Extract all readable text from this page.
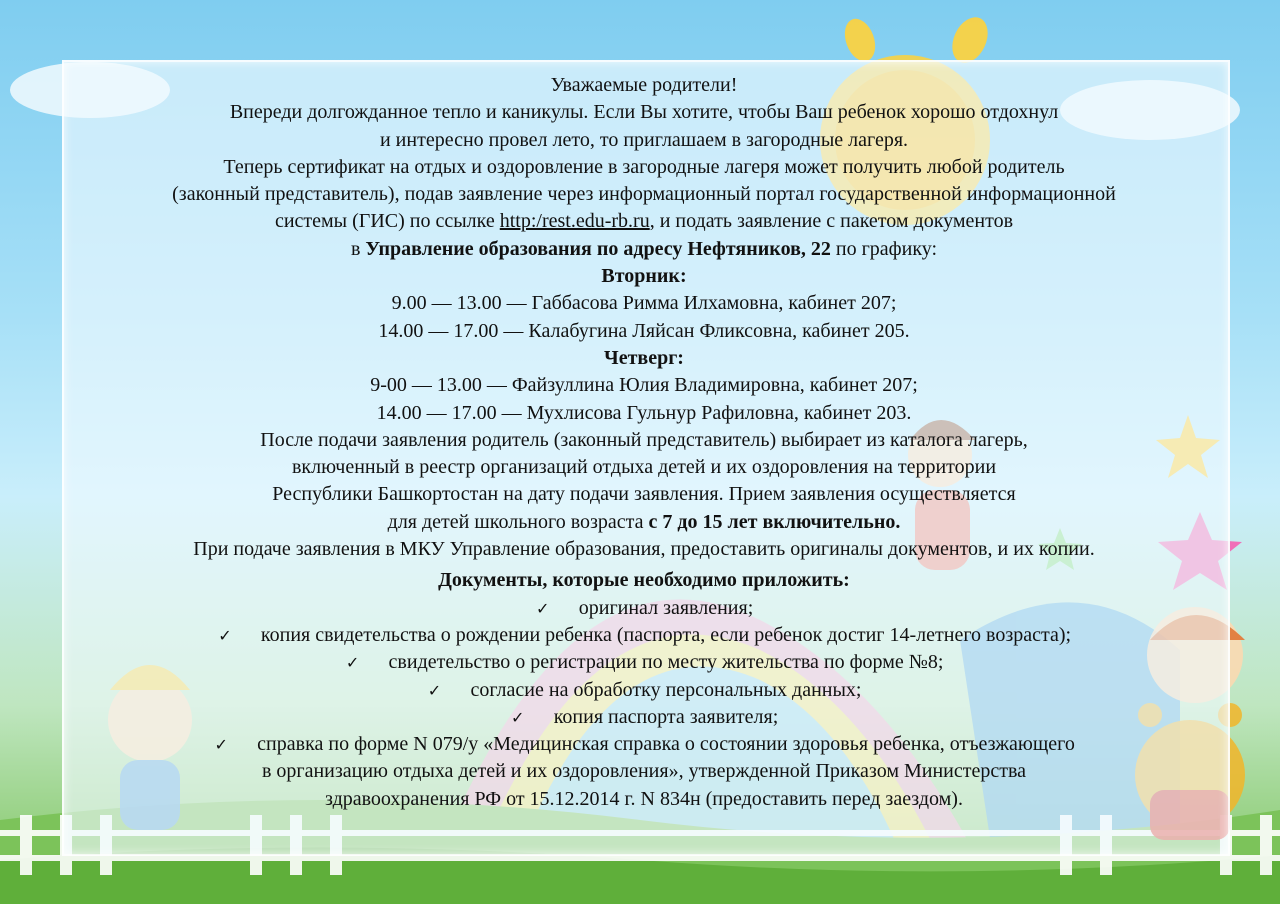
Уважаемые родители!

Впереди долгожданное тепло и каникулы. Если Вы хотите, чтобы Ваш ребенок хорошо отдохнул

и интересно провел лето, то приглашаем в загородные лагеря.

Теперь сертификат на отдых и оздоровление в загородные лагеря может получить любой родитель

(законный представитель), подав заявление через информационный портал государственной информационной

системы (ГИС) по ссылке http:/rest.edu-rb.ru, и подать заявление с пакетом документов

в Управление образования по адресу Нефтяников, 22 по графику:

Вторник:

9.00 — 13.00 — Габбасова Римма Илхамовна, кабинет 207;

14.00 — 17.00 — Калабугина Ляйсан Фликсовна, кабинет 205.

Четверг:

9-00 — 13.00 — Файзуллина Юлия Владимировна, кабинет 207;

14.00 — 17.00 — Мухлисова Гульнур Рафиловна, кабинет 203.

После подачи заявления родитель (законный представитель) выбирает из каталога лагерь,

включенный в реестр организаций отдыха детей и их оздоровления на территории

Республики Башкортостан на дату подачи заявления. Прием заявления осуществляется

для детей школьного возраста с 7 до 15 лет включительно.

При подаче заявления в МКУ Управление образования, предоставить оригиналы документов, и их копии.

Документы, которые необходимо приложить:

✓ оригинал заявления;

✓ копия свидетельства о рождении ребенка (паспорта, если ребенок достиг 14-летнего возраста);

✓ свидетельство о регистрации по месту жительства по форме №8;

✓ согласие на обработку персональных данных;

✓ копия паспорта заявителя;

✓ справка по форме N 079/у «Медицинская справка о состоянии здоровья ребенка, отъезжающего

в организацию отдыха детей и их оздоровления», утвержденной Приказом Министерства

здравоохранения РФ от 15.12.2014 г. N 834н (предоставить перед заездом).
